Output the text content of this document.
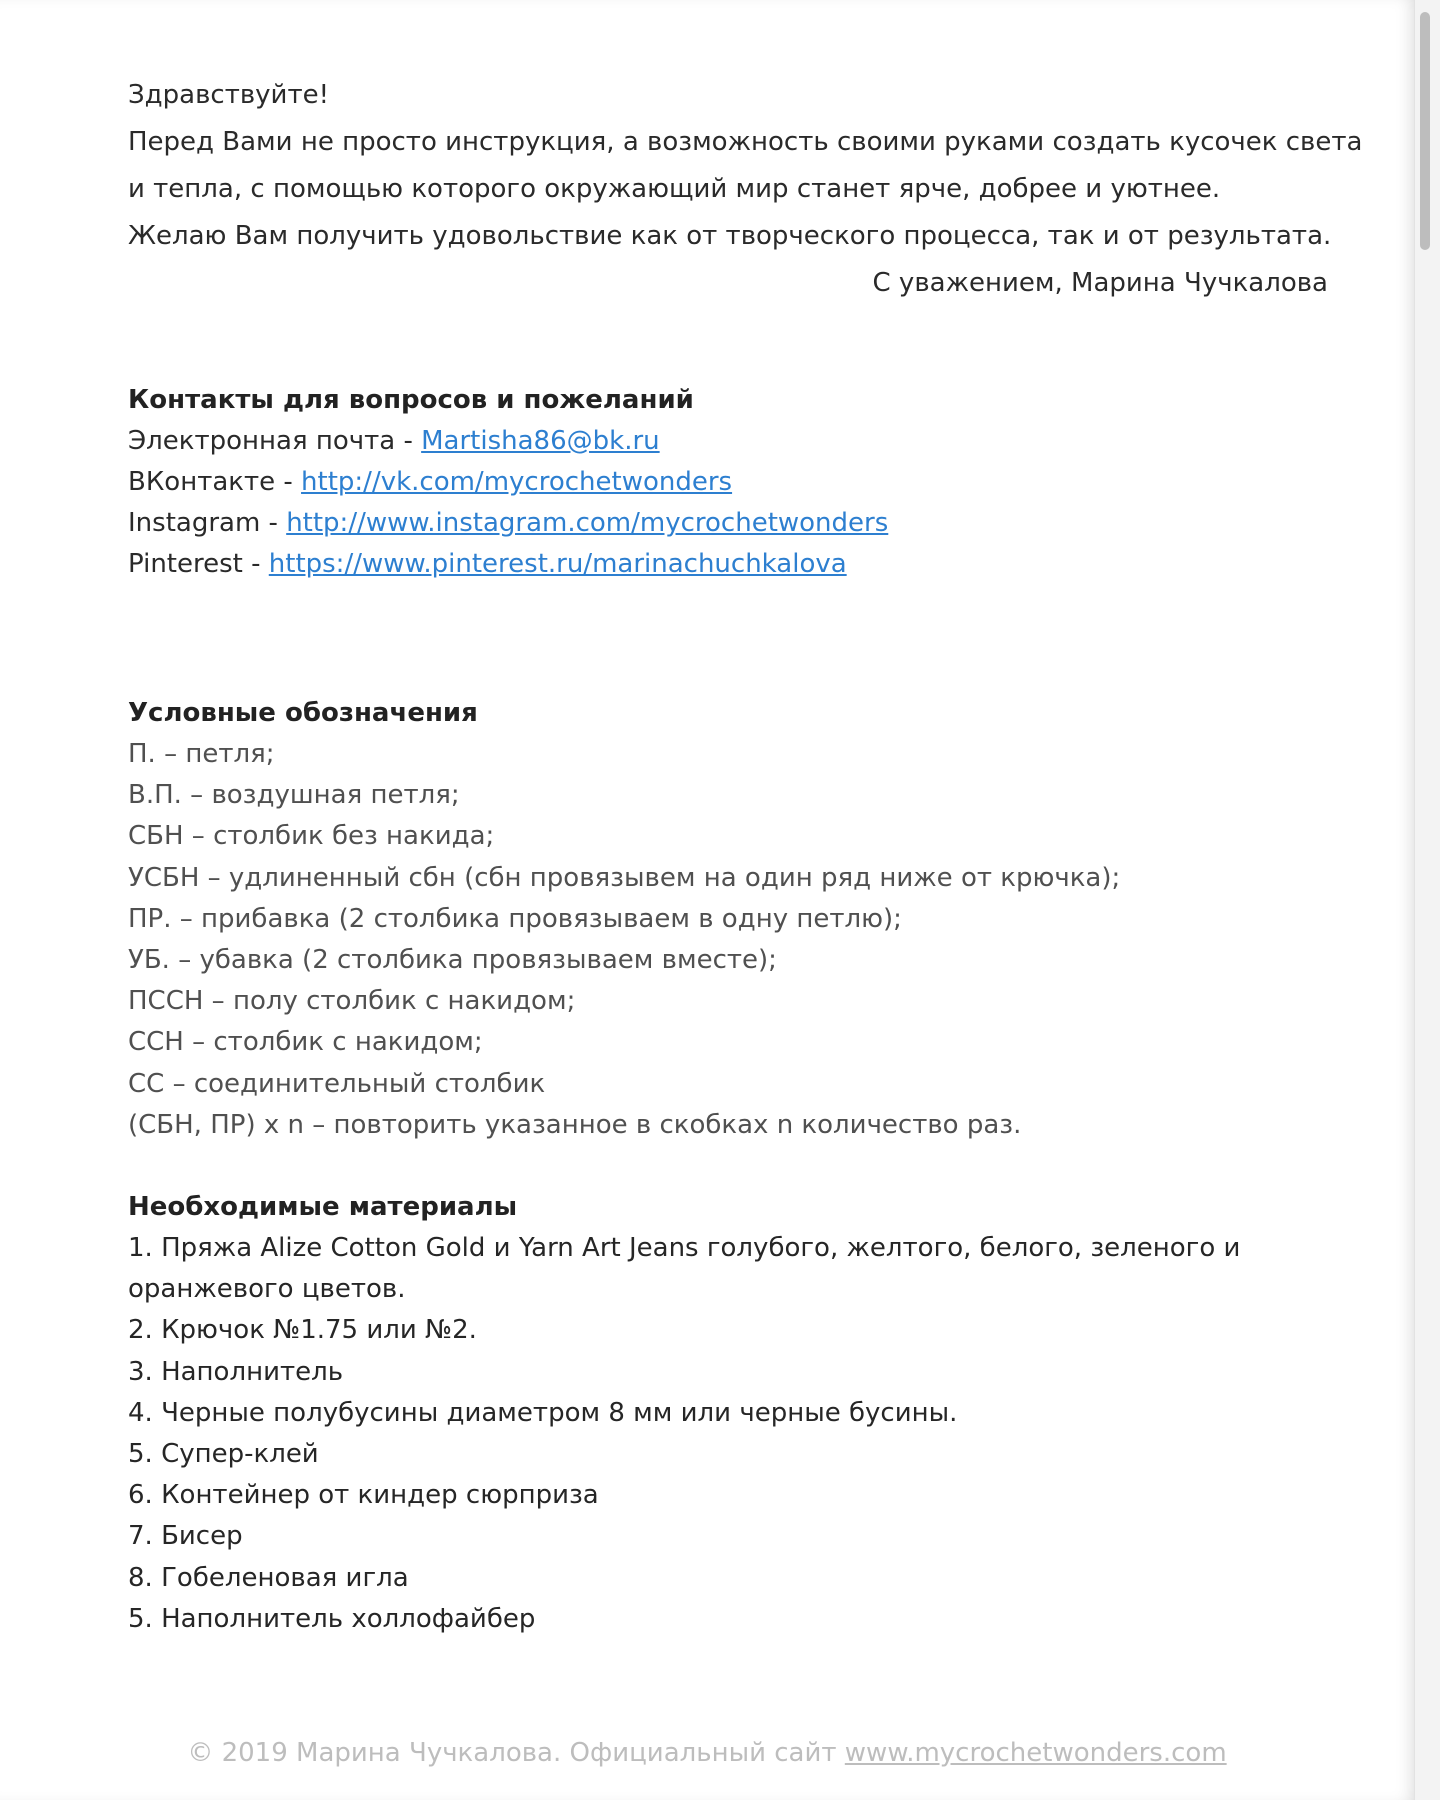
Здравствуйте!
Перед Вами не просто инструкция, а возможность своими руками создать кусочек света
и тепла, с помощью которого окружающий мир станет ярче, добрее и уютнее.
Желаю Вам получить удовольствие как от творческого процесса, так и от результата.
С уважением, Марина Чучкалова
Контакты для вопросов и пожеланий
Электронная почта - Martisha86@bk.ru
ВКонтакте - http://vk.com/mycrochetwonders
Instagram - http://www.instagram.com/mycrochetwonders
Pinterest - https://www.pinterest.ru/marinachuchkalova
Условные обозначения
П. – петля;
В.П. – воздушная петля;
СБН – столбик без накида;
УСБН – удлиненный сбн (сбн провязывем на один ряд ниже от крючка);
ПР. – прибавка (2 столбика провязываем в одну петлю);
УБ. – убавка (2 столбика провязываем вместе);
ПССН – полу столбик с накидом;
ССН – столбик с накидом;
СС – соединительный столбик
(СБН, ПР) х n – повторить указанное в скобках n количество раз.
Необходимые материалы
1. Пряжа Alize Cotton Gold и Yarn Art Jeans голубого, желтого, белого, зеленого и
оранжевого цветов.
2. Крючок №1.75 или №2.
3. Наполнитель
4. Черные полубусины диаметром 8 мм или черные бусины.
5. Супер-клей
6. Контейнер от киндер сюрприза
7. Бисер
8. Гобеленовая игла
5. Наполнитель холлофайбер
© 2019 Марина Чучкалова. Официальный сайт www.mycrochetwonders.com
